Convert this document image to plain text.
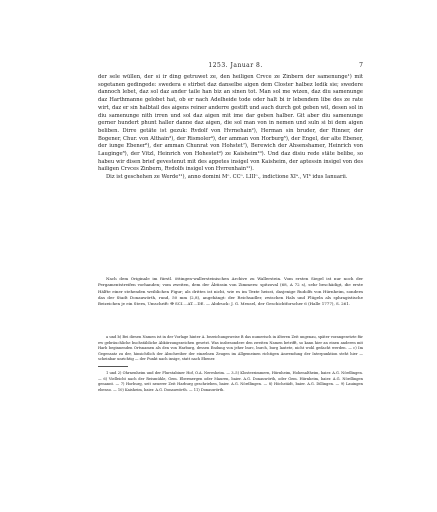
1253. Januar 8.	7

der sele wüllen, der si ir ding getruwet ze, den heiligen Crvce ze Zinbern der samenunge¹) mit sogetanen gedingede: swedera e stirbet daz danselbe aigen dem Closter halbez ledik sie; swedere dannoch lebet, daz sol daz ander taile han biz an sinen tot. Man sol me wizen, daz diu samenunge daz Harthmanne gelobet hat, ob er nach Adelheide tode oder halt bi ir lebendem libe des ze rate wirt, daz er sin halbtail des aigens reiner anderre gestift und auch durch got geben wil, desen sol in diu samenunge nith irren und sol daz aigen mit ime dar geben halber. Git aber diu samenunge gerner hundert phunt haller danne daz aigen, die sol man von in nemen und suln si bi dem aigen beliben. Dirre getäte ist gezuk: Rvdolf von Hvrnehain²), Herman sin bruder, der Rinner, der Bogener, Chur. von Althain³), der Rismoler⁴), der amman von Horburg⁵), der Engel, der alte Ebener, der iunge Ebener⁶), der amman Chunrat von Hohstet⁷), Berewich der Ahsenshamer, Heinrich von Lauginge⁸), der Vitzl, Heinrich von Hohestet⁹) ze Kaisheim¹⁰). Und daz disiu rede stäte belibe, so habeu wir disen brief gevestenut mit des appetes insigel von Kaisheim, der aptessin insigel von des hailigen Crvces Zinbern, Rvdolfs insigel von Hvrrenhain¹¹).

Diz ist geschehen ze Werde¹¹), anno domini Mᵒ. CCᵒ. LIIIᵒ., indictione XIᵃ., VIᵇ idus Ianuarii.

Nach dem Originale im fürstl. öttingen-wallersteinischen Archive zu Wallerstein. Vom ersten Siegel ist nur noch der Pergamentstreifen vorhanden; vom zweiten, dem der Äbtissin von Zimmern: spitzoval (68, A 72 s), sehr beschädigt, die erste Hälfte einer stehenden weiblichen Figur; als drittes ist nicht, wie es im Texte heisst, dasjenige Rudolfs von Hürnheim, sondern das der Stadt Donauwörth, rund, 50 mm (2,8), angehängt: der Reichsadler, zwischen Hals und Flügeln als sphragistische Beizeichen je ein Stern, Umschrift: ✠ SCI....AT....DE. — Abdruck: J. G. Meusel, der Geschichtforscher 6 (Halle 1777), S. 261.

a und b) Bei diesen Namen ist in der Vorlage hinter A. bezeichungsweise B das numerisch in älteren Zeit ungenau, später vorangesetzte für ew gebräuchliche buchstäbliche Abkürzungszeichen gesetzt. Was insbesondere den zweiten Namen betrifft, so kann hier an einen anderen mit Harb beginnenden Ortsnamen als den von Harburg, dessen Endung von jeher burc, burch, burg lautete, nicht wohl gedacht werden. — c) Im Gegensatz zu der, hinsichtlich der Abschreiber der einzelnen Zeugen im Allgemeinen richtigen Anwendung der Interpunktion steht hier — scheinbar unrichtig — der Punkt nach insige, statt nach Ebener.

1 und 2) Ohrnenheim und der Flurstabiner Hof, O.A. Neresheim. — 3–5) Klosterzimmern, Hürnheim, Hohenaltheim, baier. A.G. Nördlingen. — 6) Vielleicht nach der Reismühle, Gem. Ebermergen oder Mauren, baier. A.G. Donauwörth, oder Gem. Hürnheim, baier. A.G. Nördlingen genannt. — 7) Horburg, seit neuerer Zeit Harburg geschrieben, baier. A.G. Nördlingen. — 8) Höchstädt, baier. A.G. Dillingen. — 9) Lauingen ebenso. — 10) Kaisheim, baier. A.G. Donauwörth. — 11) Donauwörth.
